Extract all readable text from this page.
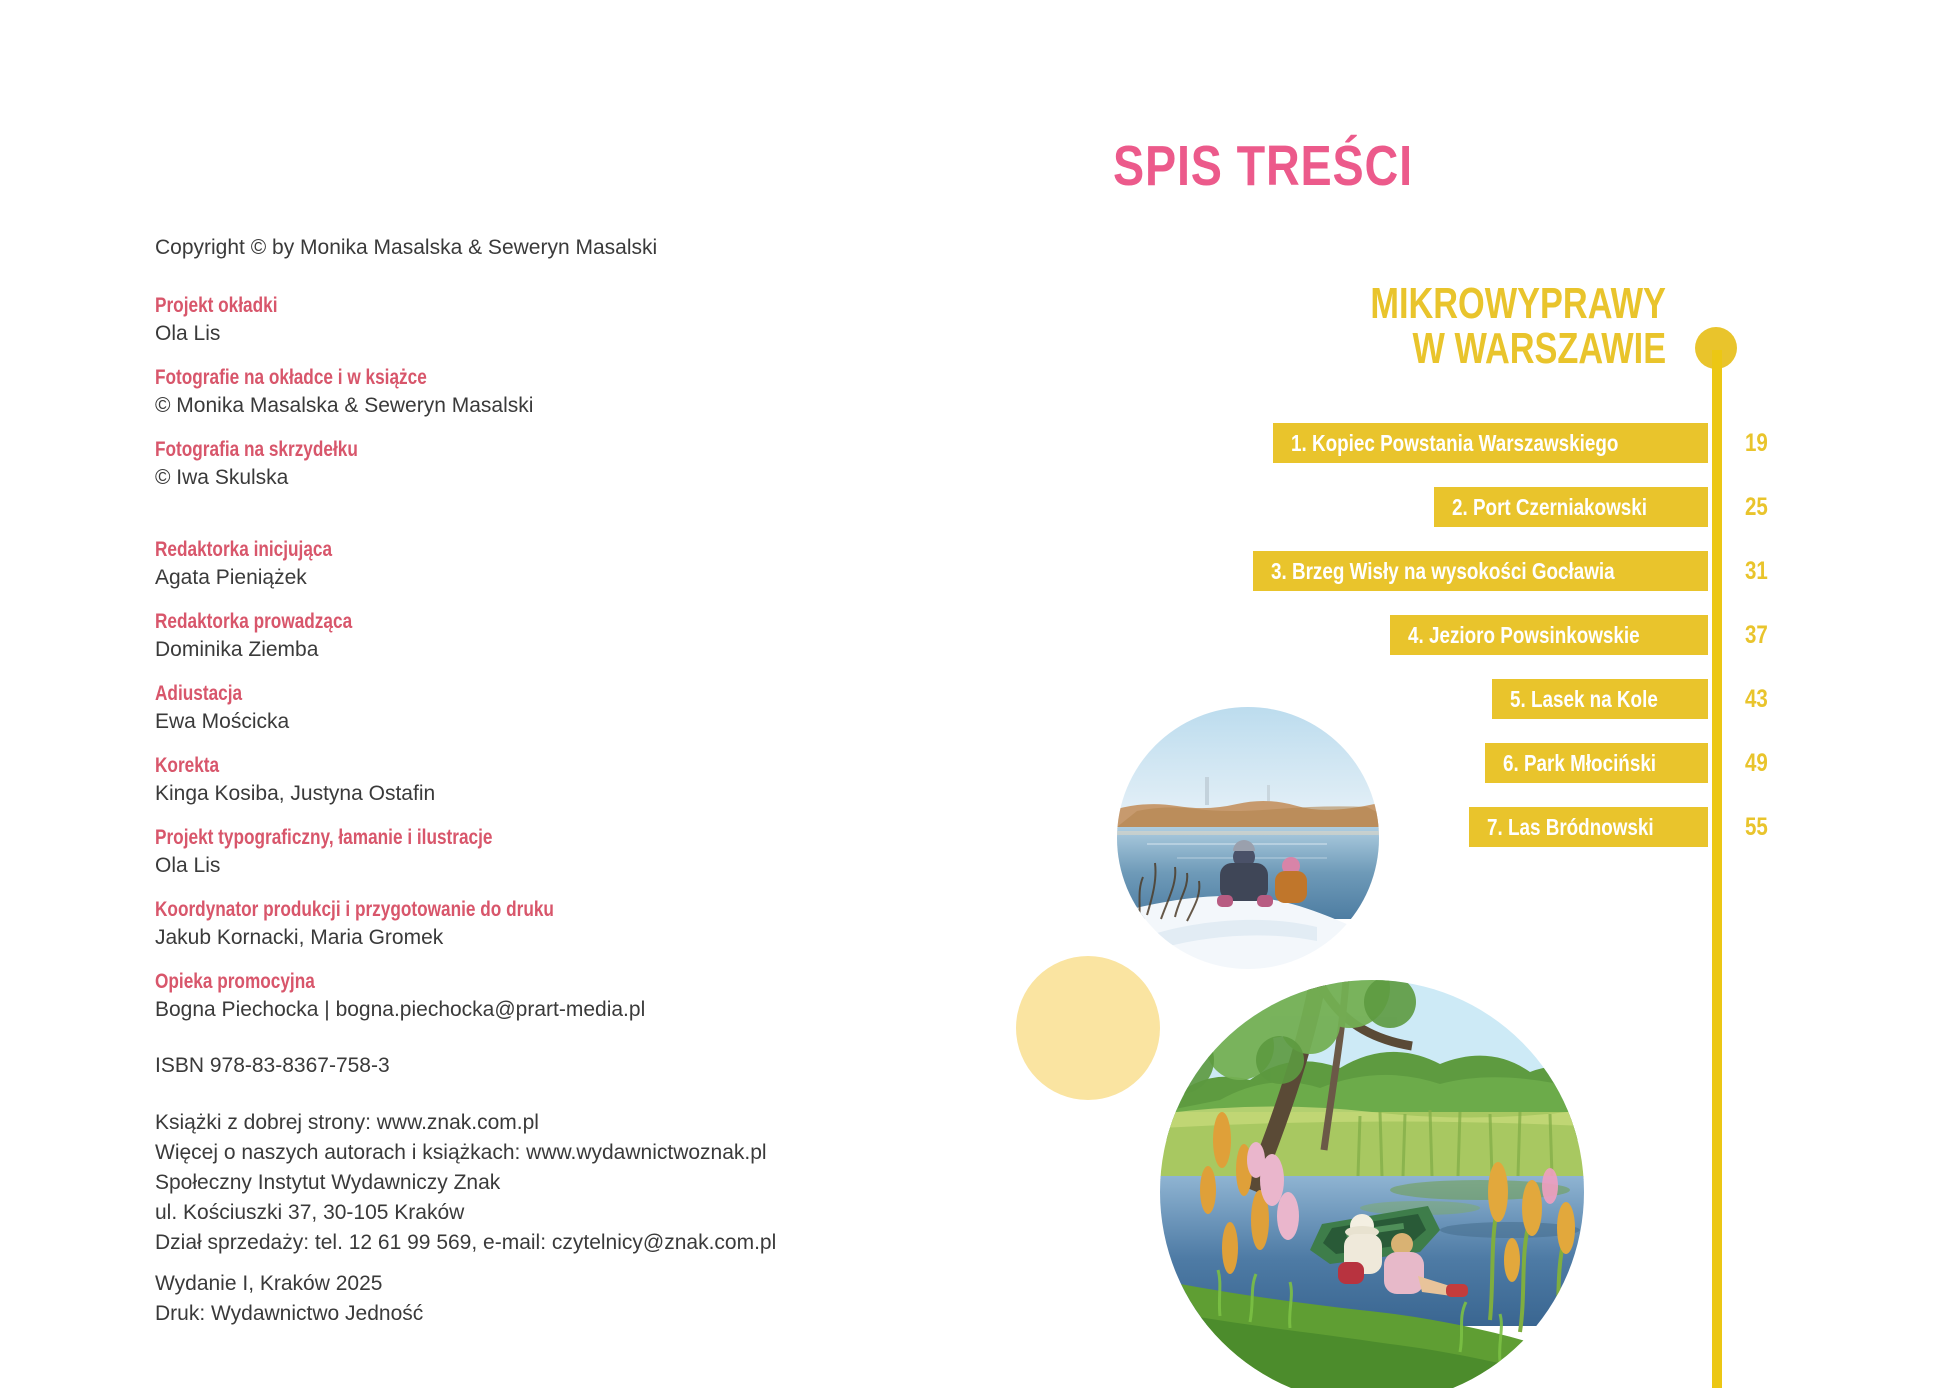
SPIS TREŚCI
Copyright © by Monika Masalska & Seweryn Masalski
Projekt okładki
Ola Lis
Fotografie na okładce i w książce
© Monika Masalska & Seweryn Masalski
Fotografia na skrzydełku
© Iwa Skulska
Redaktorka inicjująca
Agata Pieniążek
Redaktorka prowadząca
Dominika Ziemba
Adiustacja
Ewa Mościcka
Korekta
Kinga Kosiba, Justyna Ostafin
Projekt typograficzny, łamanie i ilustracje
Ola Lis
Koordynator produkcji i przygotowanie do druku
Jakub Kornacki, Maria Gromek
Opieka promocyjna
Bogna Piechocka | bogna.piechocka@prart-media.pl
ISBN 978-83-8367-758-3
Książki z dobrej strony: www.znak.com.pl
Więcej o naszych autorach i książkach: www.wydawnictwoznak.pl
Społeczny Instytut Wydawniczy Znak
ul. Kościuszki 37, 30-105 Kraków
Dział sprzedaży: tel. 12 61 99 569, e-mail: czytelnicy@znak.com.pl
Wydanie I, Kraków 2025
Druk: Wydawnictwo Jedność
MIKROWYPRAWY
W WARSZAWIE
1. Kopiec Powstania Warszawskiego	19
2. Port Czerniakowski	25
3. Brzeg Wisły na wysokości Gocławia	31
4. Jezioro Powsinkowskie	37
5. Lasek na Kole	43
6. Park Młociński	49
7. Las Bródnowski	55
